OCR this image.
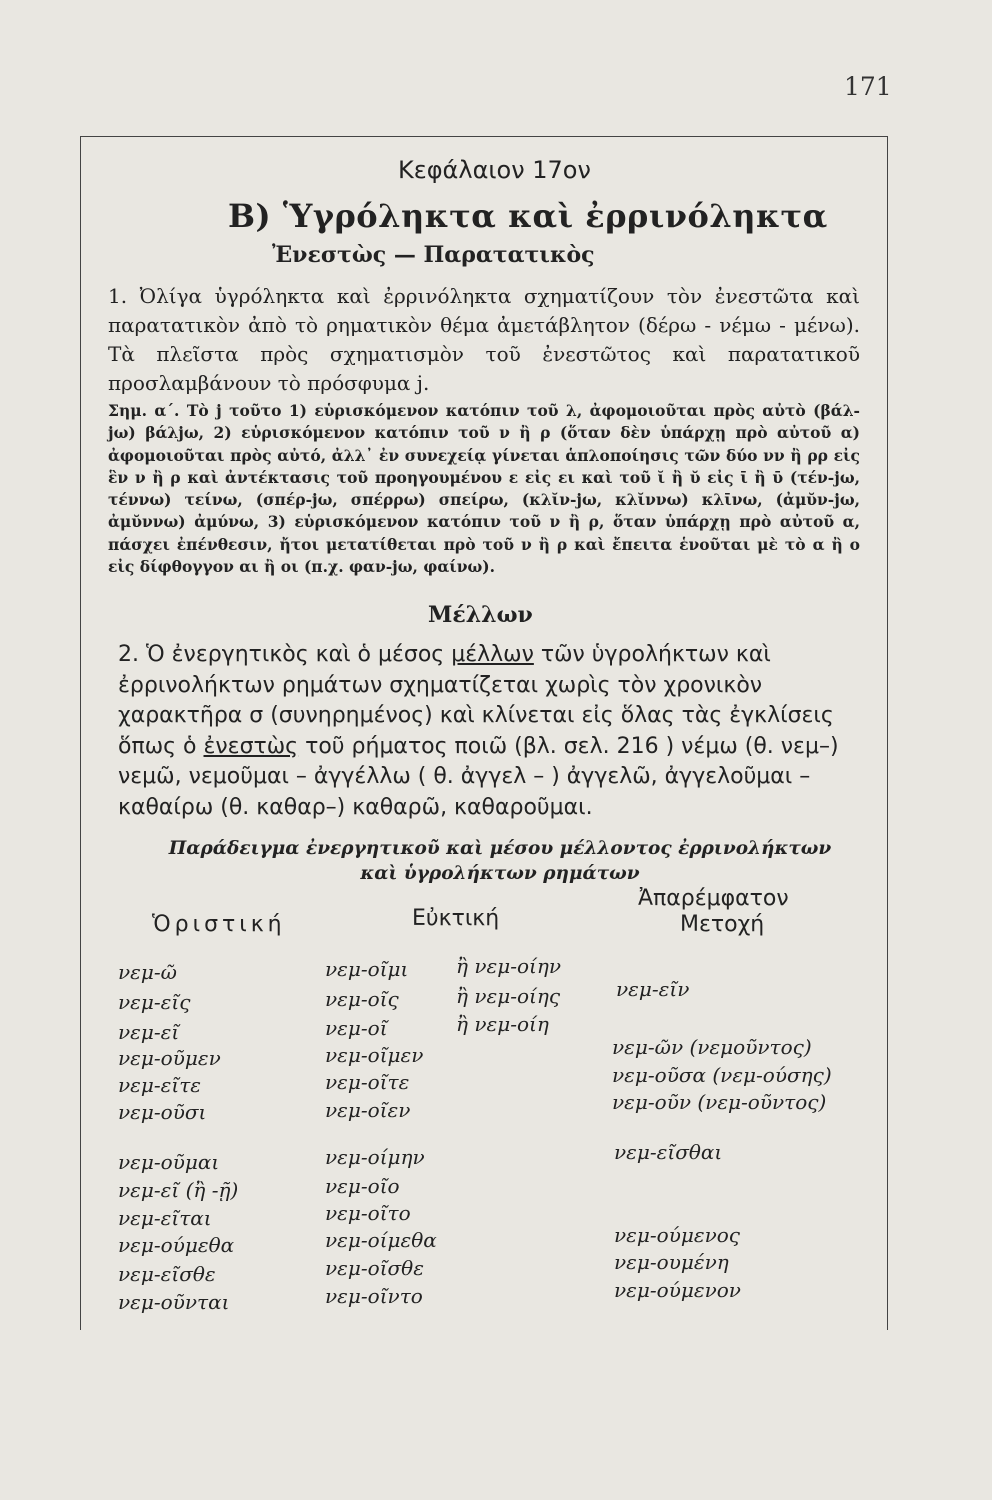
171
Κεφάλαιον 17ον
Β) Ὑγρόληκτα καὶ ἐρρινόληκτα
Ἐνεστὼς — Παρατατικὸς
1. Ὀλίγα ὑγρόληκτα καὶ ἐρρινόληκτα σχηματίζουν τὸν ἐνεστῶτα καὶ παρατατικὸν ἀπὸ τὸ ρηματικὸν θέμα ἀμετάβλητον (δέρω - νέμω - μένω). Τὰ πλεῖστα πρὸς σχηματισμὸν τοῦ ἐνεστῶτος καὶ παρατατικοῦ προσλαμβάνουν τὸ πρόσφυμα j.
Σημ. α΄. Τὸ j τοῦτο 1) εὑρισκόμενον κατόπιν τοῦ λ, ἀφομοιοῦται πρὸς αὐτὸ (βάλ-jω) βάλjω, 2) εὑρισκόμενον κατόπιν τοῦ ν ἢ ρ (ὅταν δὲν ὑπάρχῃ πρὸ αὐτοῦ α) ἀφομοιοῦται πρὸς αὐτό, ἀλλ᾽ ἐν συνεχείᾳ γίνεται ἁπλοποίησις τῶν δύο νν ἢ ρρ εἰς ἓν ν ἢ ρ καὶ ἀντέκτασις τοῦ προηγουμένου ε εἰς ει καὶ τοῦ ῐ ἢ ῠ εἰς ῑ ἢ ῡ (τέν-jω, τέννω) τείνω, (σπέρ-jω, σπέρρω) σπείρω, (κλῐν-jω, κλῐννω) κλῑνω, (ἀμῠν-jω, ἀμῠννω) ἀμύνω, 3) εὑρισκόμενον κατόπιν τοῦ ν ἢ ρ, ὅταν ὑπάρχῃ πρὸ αὐτοῦ α, πάσχει ἐπένθεσιν, ἤτοι μετατίθεται πρὸ τοῦ ν ἢ ρ καὶ ἔπειτα ἑνοῦται μὲ τὸ α ἢ ο εἰς δίφθογγον αι ἢ οι (π.χ. φαν-jω, φαίνω).
Μέλλων
2. Ὁ ἐνεργητικὸς καὶ ὁ μέσος μέλλων τῶν ὑγρολήκτων καὶ ἐρρινολήκτων ρημάτων σχηματίζεται χωρὶς τὸν χρονικὸν χαρακτῆρα σ (συνηρημένος) καὶ κλίνεται εἰς ὅλας τὰς ἐγκλίσεις ὅπως ὁ ἐνεστὼς τοῦ ρήματος ποιῶ (βλ. σελ. 216 ) νέμω (θ. νεμ–) νεμῶ, νεμοῦμαι – ἀγγέλλω ( θ. ἀγγελ – ) ἀγγελῶ, ἀγγελοῦμαι – καθαίρω (θ. καθαρ–) καθαρῶ, καθαροῦμαι.
Παράδειγμα ἐνεργητικοῦ καὶ μέσου μέλλοντος ἐρρινολήκτων
καὶ ὑγρολήκτων ρημάτων
Ὁριστική	Εὐκτική
Ἀπαρέμφατον
Μετοχή
νεμ-ῶ
νεμ-εῖς
νεμ-εῖ
νεμ-οῦμεν
νεμ-εῖτε
νεμ-οῦσι
νεμ-οῖμι
νεμ-οῖς
νεμ-οῖ
νεμ-οῖμεν
νεμ-οῖτε
νεμ-οῖεν
ἢ νεμ-οίην
ἢ νεμ-οίης
ἢ νεμ-οίη
νεμ-εῖν
νεμ-ῶν (νεμοῦντος)
νεμ-οῦσα (νεμ-ούσης)
νεμ-οῦν (νεμ-οῦντος)
νεμ-οῦμαι
νεμ-εῖ (ἢ -ῇ)
νεμ-εῖται
νεμ-ούμεθα
νεμ-εῖσθε
νεμ-οῦνται
νεμ-οίμην
νεμ-οῖο
νεμ-οῖτο
νεμ-οίμεθα
νεμ-οῖσθε
νεμ-οῖντο
νεμ-εῖσθαι
νεμ-ούμενος
νεμ-ουμένη
νεμ-ούμενον
